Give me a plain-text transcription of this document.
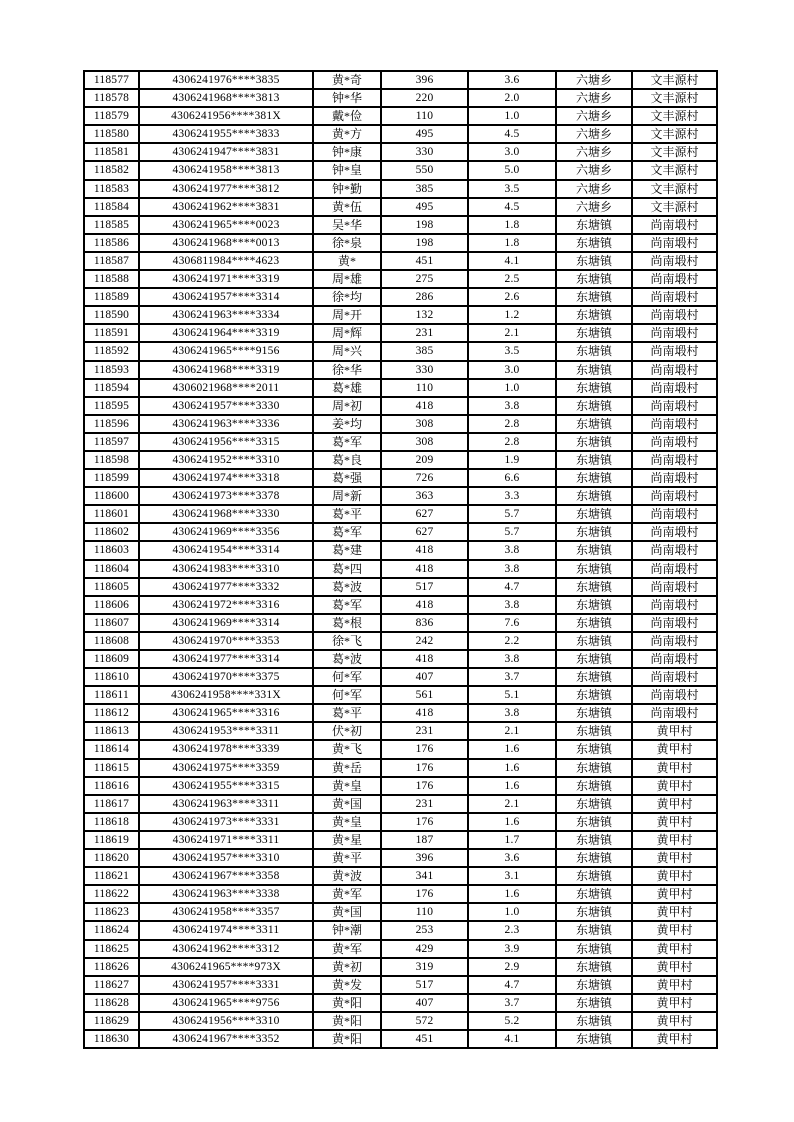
118577	4306241976****3835	黄*奇	396	3.6	六塘乡	文丰源村
118578	4306241968****3813	钟*华	220	2.0	六塘乡	文丰源村
118579	4306241956****381X	戴*俭	110	1.0	六塘乡	文丰源村
118580	4306241955****3833	黄*方	495	4.5	六塘乡	文丰源村
118581	4306241947****3831	钟*康	330	3.0	六塘乡	文丰源村
118582	4306241958****3813	钟*皇	550	5.0	六塘乡	文丰源村
118583	4306241977****3812	钟*勤	385	3.5	六塘乡	文丰源村
118584	4306241962****3831	黄*伍	495	4.5	六塘乡	文丰源村
118585	4306241965****0023	吴*华	198	1.8	东塘镇	尚南塅村
118586	4306241968****0013	徐*泉	198	1.8	东塘镇	尚南塅村
118587	4306811984****4623	黄*	451	4.1	东塘镇	尚南塅村
118588	4306241971****3319	周*雄	275	2.5	东塘镇	尚南塅村
118589	4306241957****3314	徐*均	286	2.6	东塘镇	尚南塅村
118590	4306241963****3334	周*开	132	1.2	东塘镇	尚南塅村
118591	4306241964****3319	周*辉	231	2.1	东塘镇	尚南塅村
118592	4306241965****9156	周*兴	385	3.5	东塘镇	尚南塅村
118593	4306241968****3319	徐*华	330	3.0	东塘镇	尚南塅村
118594	4306021968****2011	葛*雄	110	1.0	东塘镇	尚南塅村
118595	4306241957****3330	周*初	418	3.8	东塘镇	尚南塅村
118596	4306241963****3336	姜*均	308	2.8	东塘镇	尚南塅村
118597	4306241956****3315	葛*军	308	2.8	东塘镇	尚南塅村
118598	4306241952****3310	葛*良	209	1.9	东塘镇	尚南塅村
118599	4306241974****3318	葛*强	726	6.6	东塘镇	尚南塅村
118600	4306241973****3378	周*新	363	3.3	东塘镇	尚南塅村
118601	4306241968****3330	葛*平	627	5.7	东塘镇	尚南塅村
118602	4306241969****3356	葛*军	627	5.7	东塘镇	尚南塅村
118603	4306241954****3314	葛*建	418	3.8	东塘镇	尚南塅村
118604	4306241983****3310	葛*四	418	3.8	东塘镇	尚南塅村
118605	4306241977****3332	葛*波	517	4.7	东塘镇	尚南塅村
118606	4306241972****3316	葛*军	418	3.8	东塘镇	尚南塅村
118607	4306241969****3314	葛*根	836	7.6	东塘镇	尚南塅村
118608	4306241970****3353	徐*飞	242	2.2	东塘镇	尚南塅村
118609	4306241977****3314	葛*波	418	3.8	东塘镇	尚南塅村
118610	4306241970****3375	何*军	407	3.7	东塘镇	尚南塅村
118611	4306241958****331X	何*军	561	5.1	东塘镇	尚南塅村
118612	4306241965****3316	葛*平	418	3.8	东塘镇	尚南塅村
118613	4306241953****3311	伏*初	231	2.1	东塘镇	黄甲村
118614	4306241978****3339	黄*飞	176	1.6	东塘镇	黄甲村
118615	4306241975****3359	黄*岳	176	1.6	东塘镇	黄甲村
118616	4306241955****3315	黄*皇	176	1.6	东塘镇	黄甲村
118617	4306241963****3311	黄*国	231	2.1	东塘镇	黄甲村
118618	4306241973****3331	黄*皇	176	1.6	东塘镇	黄甲村
118619	4306241971****3311	黄*星	187	1.7	东塘镇	黄甲村
118620	4306241957****3310	黄*平	396	3.6	东塘镇	黄甲村
118621	4306241967****3358	黄*波	341	3.1	东塘镇	黄甲村
118622	4306241963****3338	黄*军	176	1.6	东塘镇	黄甲村
118623	4306241958****3357	黄*国	110	1.0	东塘镇	黄甲村
118624	4306241974****3311	钟*潮	253	2.3	东塘镇	黄甲村
118625	4306241962****3312	黄*军	429	3.9	东塘镇	黄甲村
118626	4306241965****973X	黄*初	319	2.9	东塘镇	黄甲村
118627	4306241957****3331	黄*发	517	4.7	东塘镇	黄甲村
118628	4306241965****9756	黄*阳	407	3.7	东塘镇	黄甲村
118629	4306241956****3310	黄*阳	572	5.2	东塘镇	黄甲村
118630	4306241967****3352	黄*阳	451	4.1	东塘镇	黄甲村
